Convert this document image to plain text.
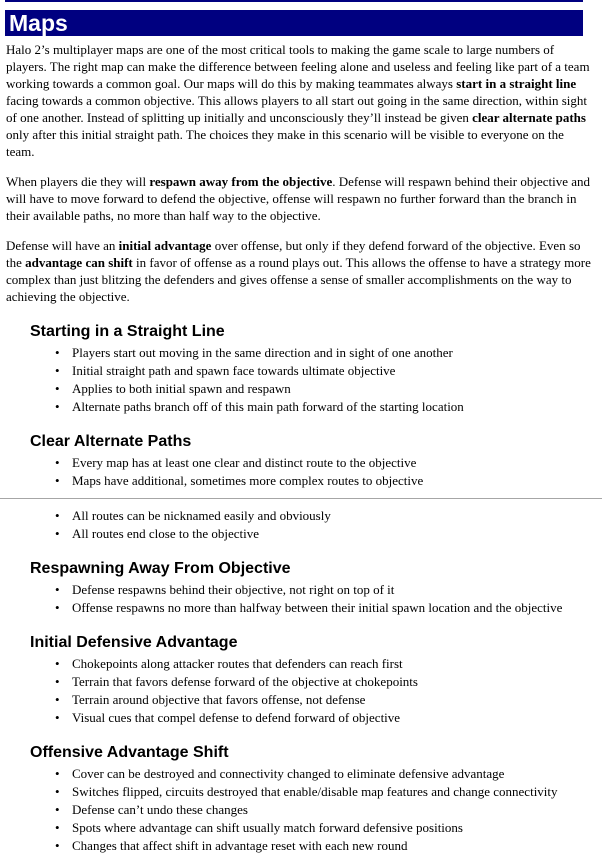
Maps

Halo 2’s multiplayer maps are one of the most critical tools to making the game scale to large numbers of players. The right map can make the difference between feeling alone and useless and feeling like part of a team working towards a common goal. Our maps will do this by making teammates always start in a straight line facing towards a common objective. This allows players to all start out going in the same direction, within sight of one another. Instead of splitting up initially and unconsciously they’ll instead be given clear alternate paths only after this initial straight path. The choices they make in this scenario will be visible to everyone on the team.

When players die they will respawn away from the objective. Defense will respawn behind their objective and will have to move forward to defend the objective, offense will respawn no further forward than the branch in their available paths, no more than half way to the objective.

Defense will have an initial advantage over offense, but only if they defend forward of the objective. Even so the advantage can shift in favor of offense as a round plays out. This allows the offense to have a strategy more complex than just blitzing the defenders and gives offense a sense of smaller accomplishments on the way to achieving the objective.

Starting in a Straight Line
• Players start out moving in the same direction and in sight of one another
• Initial straight path and spawn face towards ultimate objective
• Applies to both initial spawn and respawn
• Alternate paths branch off of this main path forward of the starting location
Clear Alternate Paths
• Every map has at least one clear and distinct route to the objective
• Maps have additional, sometimes more complex routes to objective
• All routes can be nicknamed easily and obviously
• All routes end close to the objective
Respawning Away From Objective
• Defense respawns behind their objective, not right on top of it
• Offense respawns no more than halfway between their initial spawn location and the objective
Initial Defensive Advantage
• Chokepoints along attacker routes that defenders can reach first
• Terrain that favors defense forward of the objective at chokepoints
• Terrain around objective that favors offense, not defense
• Visual cues that compel defense to defend forward of objective
Offensive Advantage Shift
• Cover can be destroyed and connectivity changed to eliminate defensive advantage
• Switches flipped, circuits destroyed that enable/disable map features and change connectivity
• Defense can’t undo these changes
• Spots where advantage can shift usually match forward defensive positions
• Changes that affect shift in advantage reset with each new round
